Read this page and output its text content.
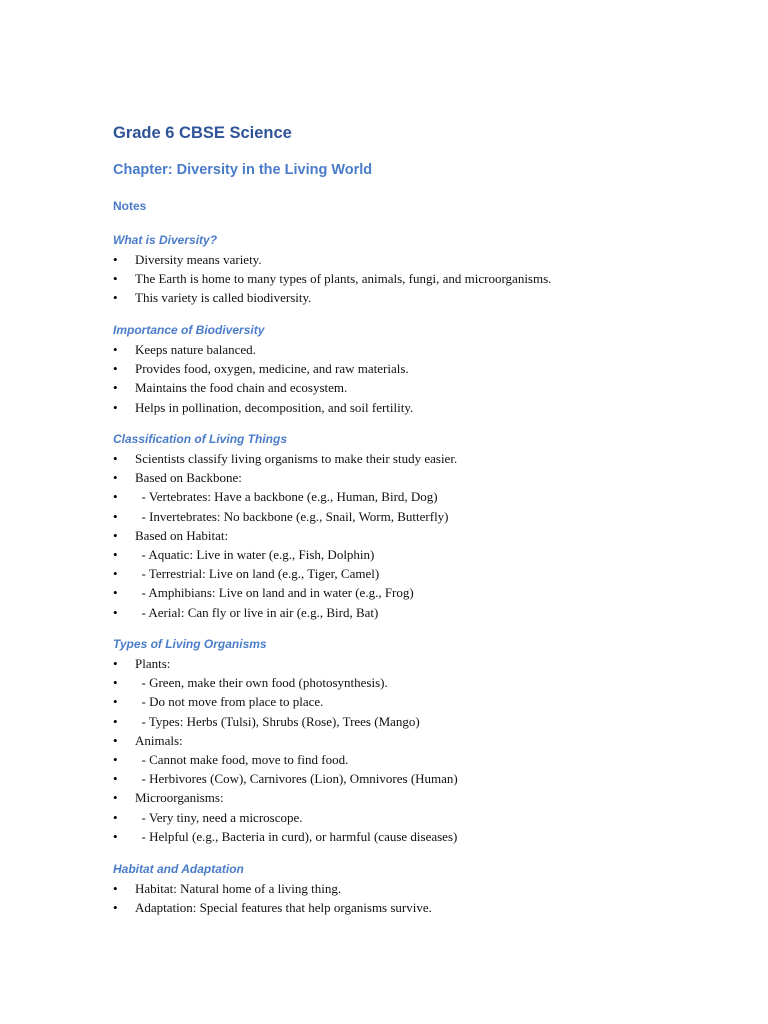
Grade 6 CBSE Science
Chapter: Diversity in the Living World
Notes
What is Diversity?
• Diversity means variety.
• The Earth is home to many types of plants, animals, fungi, and microorganisms.
• This variety is called biodiversity.
Importance of Biodiversity
• Keeps nature balanced.
• Provides food, oxygen, medicine, and raw materials.
• Maintains the food chain and ecosystem.
• Helps in pollination, decomposition, and soil fertility.
Classification of Living Things
• Scientists classify living organisms to make their study easier.
• Based on Backbone:
• - Vertebrates: Have a backbone (e.g., Human, Bird, Dog)
• - Invertebrates: No backbone (e.g., Snail, Worm, Butterfly)
• Based on Habitat:
• - Aquatic: Live in water (e.g., Fish, Dolphin)
• - Terrestrial: Live on land (e.g., Tiger, Camel)
• - Amphibians: Live on land and in water (e.g., Frog)
• - Aerial: Can fly or live in air (e.g., Bird, Bat)
Types of Living Organisms
• Plants:
• - Green, make their own food (photosynthesis).
• - Do not move from place to place.
• - Types: Herbs (Tulsi), Shrubs (Rose), Trees (Mango)
• Animals:
• - Cannot make food, move to find food.
• - Herbivores (Cow), Carnivores (Lion), Omnivores (Human)
• Microorganisms:
• - Very tiny, need a microscope.
• - Helpful (e.g., Bacteria in curd), or harmful (cause diseases)
Habitat and Adaptation
• Habitat: Natural home of a living thing.
• Adaptation: Special features that help organisms survive.
